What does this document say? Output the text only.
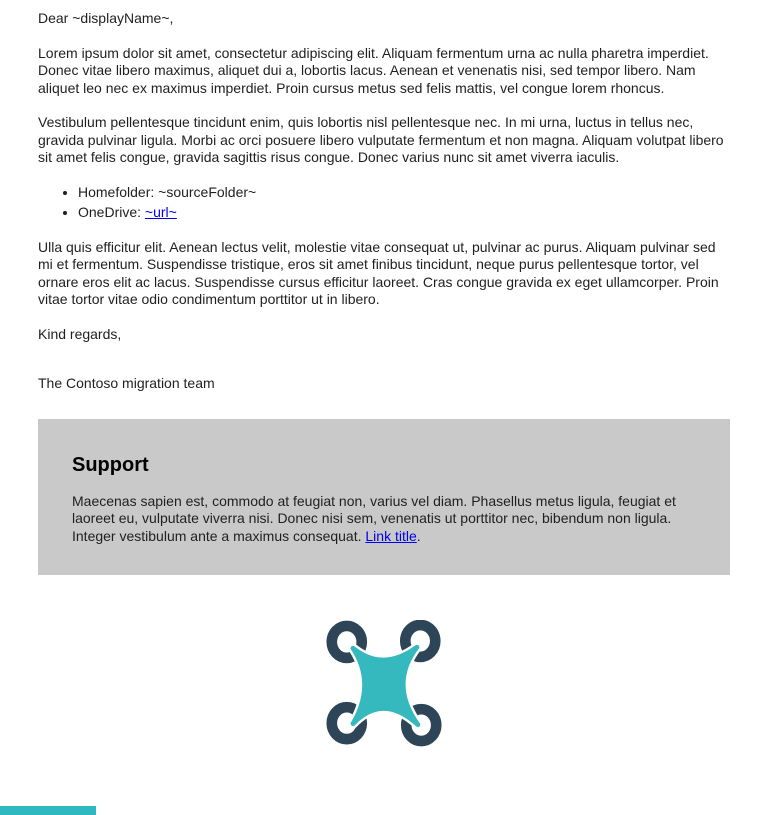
Dear ~displayName~,

Lorem ipsum dolor sit amet, consectetur adipiscing elit. Aliquam fermentum urna ac nulla pharetra imperdiet. Donec vitae libero maximus, aliquet dui a, lobortis lacus. Aenean et venenatis nisi, sed tempor libero. Nam aliquet leo nec ex maximus imperdiet. Proin cursus metus sed felis mattis, vel congue lorem rhoncus.

Vestibulum pellentesque tincidunt enim, quis lobortis nisl pellentesque nec. In mi urna, luctus in tellus nec, gravida pulvinar ligula. Morbi ac orci posuere libero vulputate fermentum et non magna. Aliquam volutpat libero sit amet felis congue, gravida sagittis risus congue. Donec varius nunc sit amet viverra iaculis.

• Homefolder: ~sourceFolder~
• OneDrive: ~url~

Ulla quis efficitur elit. Aenean lectus velit, molestie vitae consequat ut, pulvinar ac purus. Aliquam pulvinar sed mi et fermentum. Suspendisse tristique, eros sit amet finibus tincidunt, neque purus pellentesque tortor, vel ornare eros elit ac lacus. Suspendisse cursus efficitur laoreet. Cras congue gravida ex eget ullamcorper. Proin vitae tortor vitae odio condimentum porttitor ut in libero.

Kind regards,

The Contoso migration team

Support

Maecenas sapien est, commodo at feugiat non, varius vel diam. Phasellus metus ligula, feugiat et laoreet eu, vulputate viverra nisi. Donec nisi sem, venenatis ut porttitor nec, bibendum non ligula. Integer vestibulum ante a maximus consequat. Link title.
